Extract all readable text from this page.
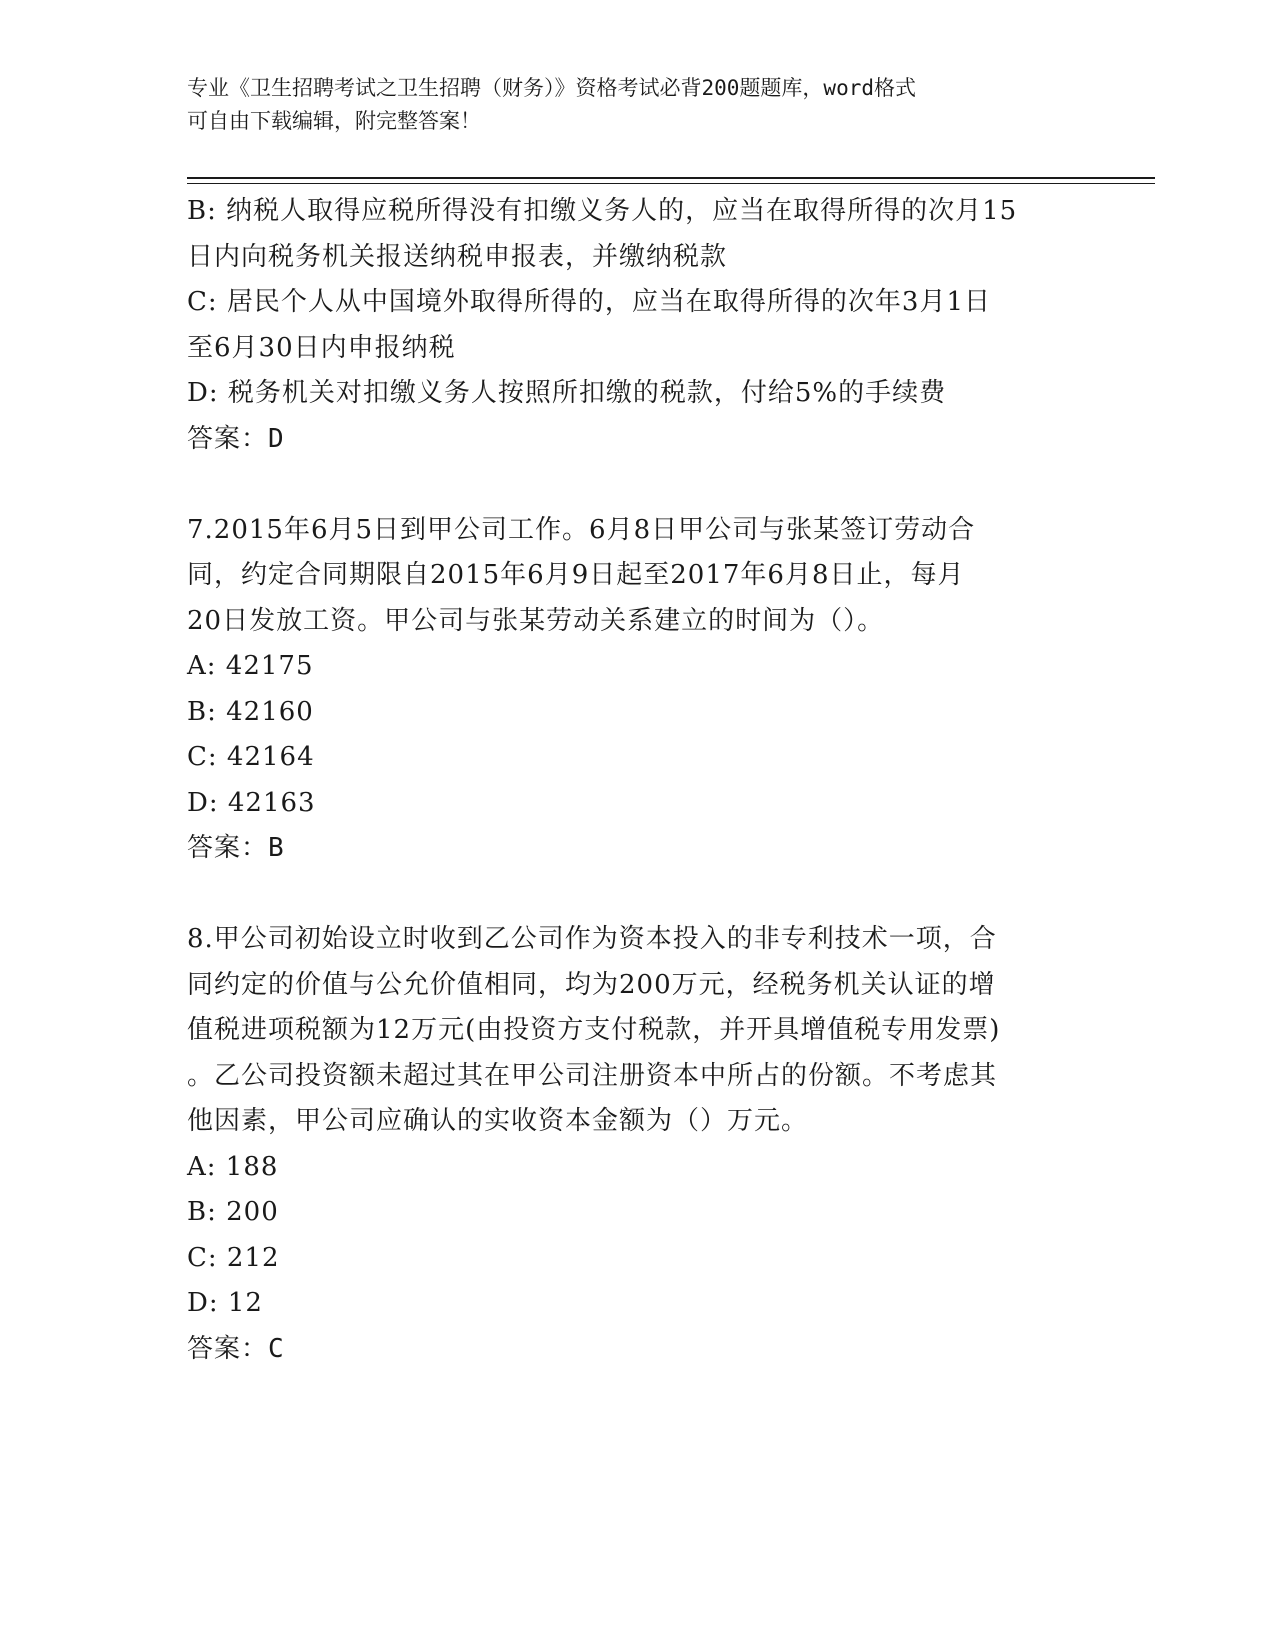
专业《卫生招聘考试之卫生招聘（财务）》资格考试必背200题题库，word格式
可自由下载编辑，附完整答案！
B: 纳税人取得应税所得没有扣缴义务人的，应当在取得所得的次月15
日内向税务机关报送纳税申报表，并缴纳税款
C: 居民个人从中国境外取得所得的，应当在取得所得的次年3月1日
至6月30日内申报纳税
D: 税务机关对扣缴义务人按照所扣缴的税款，付给5%的手续费
答案：D
7.2015年6月5日到甲公司工作。6月8日甲公司与张某签订劳动合
同，约定合同期限自2015年6月9日起至2017年6月8日止，每月
20日发放工资。甲公司与张某劳动关系建立的时间为（）。
A: 42175
B: 42160
C: 42164
D: 42163
答案：B
8.甲公司初始设立时收到乙公司作为资本投入的非专利技术一项，合
同约定的价值与公允价值相同，均为200万元，经税务机关认证的增
值税进项税额为12万元(由投资方支付税款，并开具增值税专用发票)
。乙公司投资额未超过其在甲公司注册资本中所占的份额。不考虑其
他因素，甲公司应确认的实收资本金额为（）万元。
A: 188
B: 200
C: 212
D: 12
答案：C
